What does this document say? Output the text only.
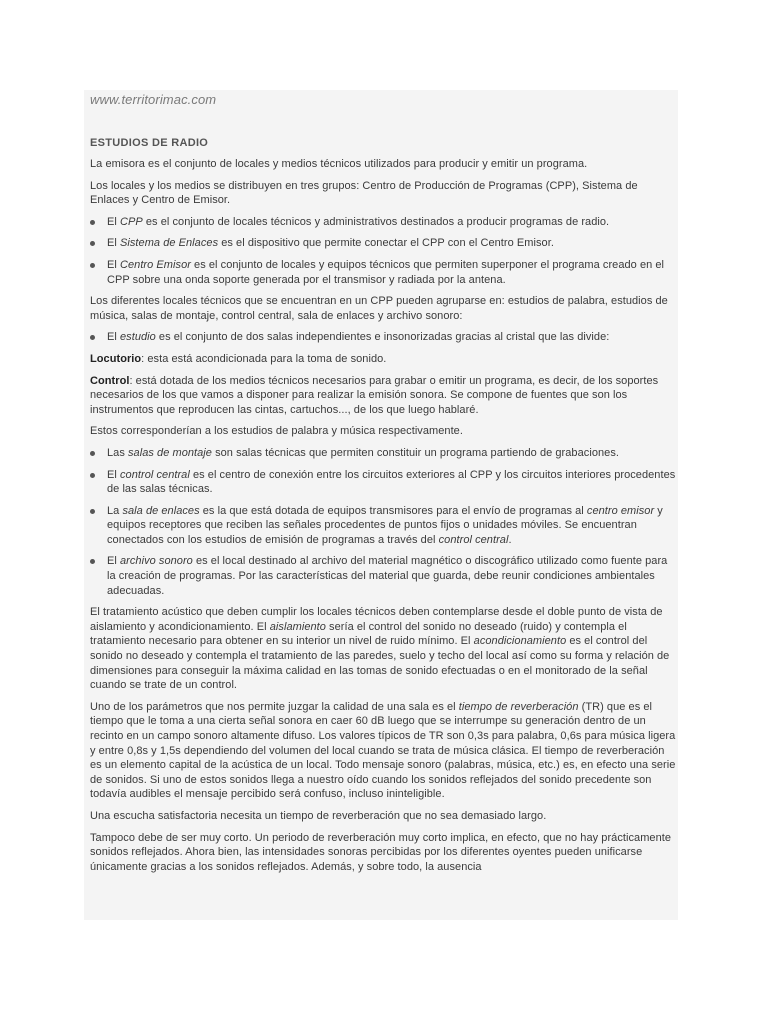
www.territorimac.com
ESTUDIOS DE RADIO

La emisora es el conjunto de locales y medios técnicos utilizados para producir y emitir un programa.

Los locales y los medios se distribuyen en tres grupos: Centro de Producción de Programas (CPP), Sistema de Enlaces y Centro de Emisor.

El CPP es el conjunto de locales técnicos y administrativos destinados a producir programas de radio.
El Sistema de Enlaces es el dispositivo que permite conectar el CPP con el Centro Emisor.
El Centro Emisor es el conjunto de locales y equipos técnicos que permiten superponer el programa creado en el CPP sobre una onda soporte generada por el transmisor y radiada por la antena.

Los diferentes locales técnicos que se encuentran en un CPP pueden agruparse en: estudios de palabra, estudios de música, salas de montaje, control central, sala de enlaces y archivo sonoro:

El estudio es el conjunto de dos salas independientes e insonorizadas gracias al cristal que las divide:

Locutorio: esta está acondicionada para la toma de sonido.

Control: está dotada de los medios técnicos necesarios para grabar o emitir un programa, es decir, de los soportes necesarios de los que vamos a disponer para realizar la emisión sonora. Se compone de fuentes que son los instrumentos que reproducen las cintas, cartuchos..., de los que luego hablaré.

Estos corresponderían a los estudios de palabra y música respectivamente.

Las salas de montaje son salas técnicas que permiten constituir un programa partiendo de grabaciones.
El control central es el centro de conexión entre los circuitos exteriores al CPP y los circuitos interiores procedentes de las salas técnicas.
La sala de enlaces es la que está dotada de equipos transmisores para el envío de programas al centro emisor y equipos receptores que reciben las señales procedentes de puntos fijos o unidades móviles. Se encuentran conectados con los estudios de emisión de programas a través del control central.
El archivo sonoro es el local destinado al archivo del material magnético o discográfico utilizado como fuente para la creación de programas. Por las características del material que guarda, debe reunir condiciones ambientales adecuadas.

El tratamiento acústico que deben cumplir los locales técnicos deben contemplarse desde el doble punto de vista de aislamiento y acondicionamiento. El aislamiento sería el control del sonido no deseado (ruido) y contempla el tratamiento necesario para obtener en su interior un nivel de ruido mínimo. El acondicionamiento es el control del sonido no deseado y contempla el tratamiento de las paredes, suelo y techo del local así como su forma y relación de dimensiones para conseguir la máxima calidad en las tomas de sonido efectuadas o en el monitorado de la señal cuando se trate de un control.

Uno de los parámetros que nos permite juzgar la calidad de una sala es el tiempo de reverberación (TR) que es el tiempo que le toma a una cierta señal sonora en caer 60 dB luego que se interrumpe su generación dentro de un recinto en un campo sonoro altamente difuso. Los valores típicos de TR son 0,3s para palabra, 0,6s para música ligera y entre 0,8s y 1,5s dependiendo del volumen del local cuando se trata de música clásica. El tiempo de reverberación es un elemento capital de la acústica de un local. Todo mensaje sonoro (palabras, música, etc.) es, en efecto una serie de sonidos. Si uno de estos sonidos llega a nuestro oído cuando los sonidos reflejados del sonido precedente son todavía audibles el mensaje percibido será confuso, incluso ininteligible.

Una escucha satisfactoria necesita un tiempo de reverberación que no sea demasiado largo.

Tampoco debe de ser muy corto. Un periodo de reverberación muy corto implica, en efecto, que no hay prácticamente sonidos reflejados. Ahora bien, las intensidades sonoras percibidas por los diferentes oyentes pueden unificarse únicamente gracias a los sonidos reflejados. Además, y sobre todo, la ausencia
